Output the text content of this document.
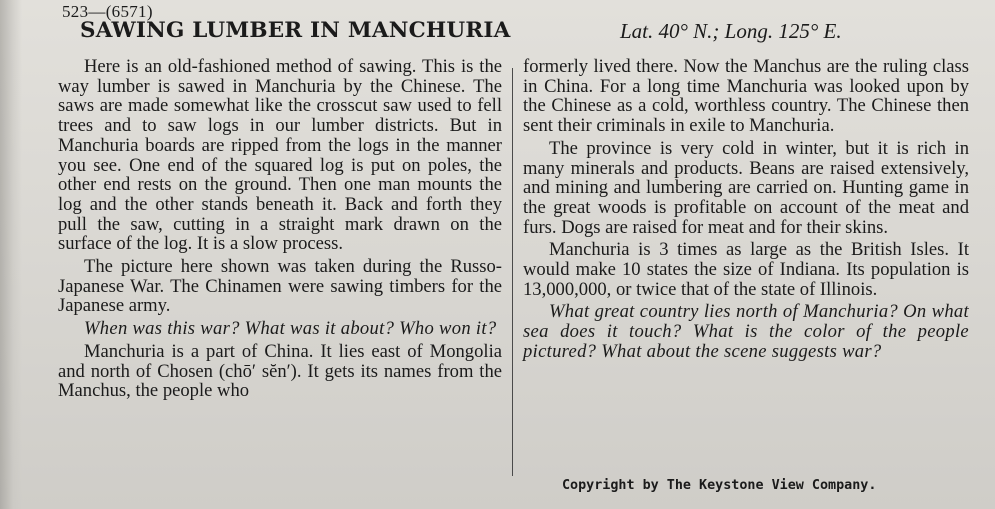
523—(6571)
SAWING LUMBER IN MANCHURIA	Lat. 40° N.; Long. 125° E.

Here is an old-fashioned method of sawing. This is the way lumber is sawed in Manchuria by the Chinese. The saws are made somewhat like the crosscut saw used to fell trees and to saw logs in our lumber districts. But in Manchuria boards are ripped from the logs in the manner you see. One end of the squared log is put on poles, the other end rests on the ground. Then one man mounts the log and the other stands beneath it. Back and forth they pull the saw, cutting in a straight mark drawn on the surface of the log. It is a slow process.

The picture here shown was taken during the Russo-Japanese War. The Chinamen were sawing timbers for the Japanese army.

When was this war? What was it about? Who won it?

Manchuria is a part of China. It lies east of Mongolia and north of Chosen (chō′ sĕn′). It gets its names from the Manchus, the people who

formerly lived there. Now the Manchus are the ruling class in China. For a long time Manchuria was looked upon by the Chinese as a cold, worthless country. The Chinese then sent their criminals in exile to Manchuria.

The province is very cold in winter, but it is rich in many minerals and products. Beans are raised extensively, and mining and lumbering are carried on. Hunting game in the great woods is profitable on account of the meat and furs. Dogs are raised for meat and for their skins.

Manchuria is 3 times as large as the British Isles. It would make 10 states the size of Indiana. Its population is 13,000,000, or twice that of the state of Illinois.

What great country lies north of Manchuria? On what sea does it touch? What is the color of the people pictured? What about the scene suggests war?

Copyright by The Keystone View Company.
